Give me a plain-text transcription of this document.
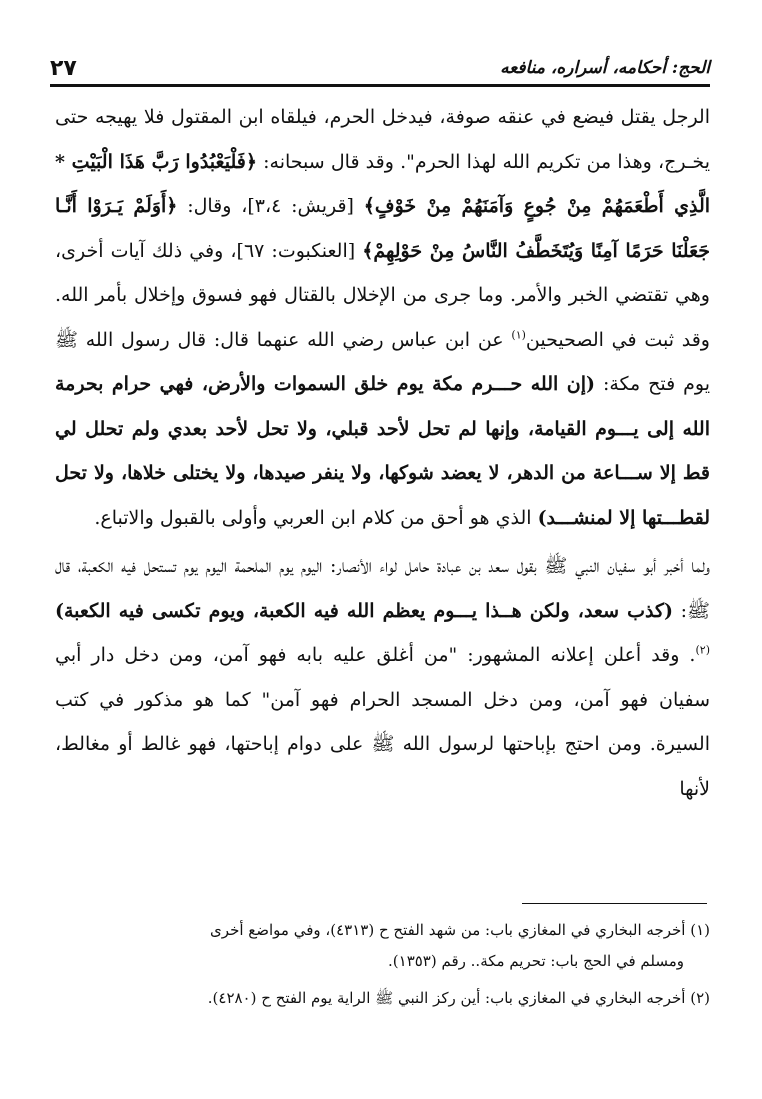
الحج: أحكامه، أسراره، منافعه
٢٧

الرجل يقتل فيضع في عنقه صوفة، فيدخل الحرم، فيلقاه ابن المقتول فلا يهيجه حتى يخـرج، وهذا من تكريم الله لهذا الحرم". وقد قال سبحانه: ﴿فَلْيَعْبُدُوا رَبَّ هَذَا الْبَيْتِ * الَّذِي أَطْعَمَهُمْ مِنْ جُوعٍ وَآمَنَهُمْ مِنْ خَوْفٍ﴾ [قريش: ٣،٤]، وقال: ﴿أَوَلَمْ يَـرَوْا أَنَّـا جَعَلْنَا حَرَمًا آمِنًا وَيُتَخَطَّفُ النَّاسُ مِنْ حَوْلِهِمْ﴾ [العنكبوت: ٦٧]، وفي ذلك آيات أخرى، وهي تقتضي الخبر والأمر. وما جرى من الإخلال بالقتال فهو فسوق وإخلال بأمر الله. وقد ثبت في الصحيحين$^{(١)}$ عن ابن عباس رضي الله عنهما قال: قال رسول الله ﷺ يوم فتح مكة: (إن الله حـــرم مكة يوم خلق السموات والأرض، فهي حرام بحرمة الله إلى يـــوم القيامة، وإنها لم تحل لأحد قبلي، ولا تحل لأحد بعدي ولم تحلل لي قط إلا ســـاعة من الدهر، لا يعضد شوكها، ولا ينفر صيدها، ولا يختلى خلاها، ولا تحل لقطـــتها إلا لمنشـــد) الذي هو أحق من كلام ابن العربي وأولى بالقبول والاتباع.

ولما أخبر أبو سفيان النبي ﷺ بقول سعد بن عبادة حامل لواء الأنصار: اليوم يوم الملحمة اليوم يوم تستحل فيه الكعبة، قال ﷺ: (كذب سعد، ولكن هــذا يـــوم يعظم الله فيه الكعبة، ويوم تكسى فيه الكعبة)$^{(٢)}$. وقد أعلن إعلانه المشهور: "من أغلق عليه بابه فهو آمن، ومن دخل دار أبي سفيان فهو آمن، ومن دخل المسجد الحرام فهو آمن" كما هو مذكور في كتب السيرة. ومن احتج بإباحتها لرسول الله ﷺ على دوام إباحتها، فهو غالط أو مغالط، لأنها

(١) أخرجه البخاري في المغازي باب: من شهد الفتح ح (٤٣١٣)، وفي مواضع أخرى

ومسلم في الحج باب: تحريم مكة.. رقم (١٣٥٣).

(٢) أخرجه البخاري في المغازي باب: أين ركز النبي ﷺ الراية يوم الفتح ح (٤٢٨٠).
